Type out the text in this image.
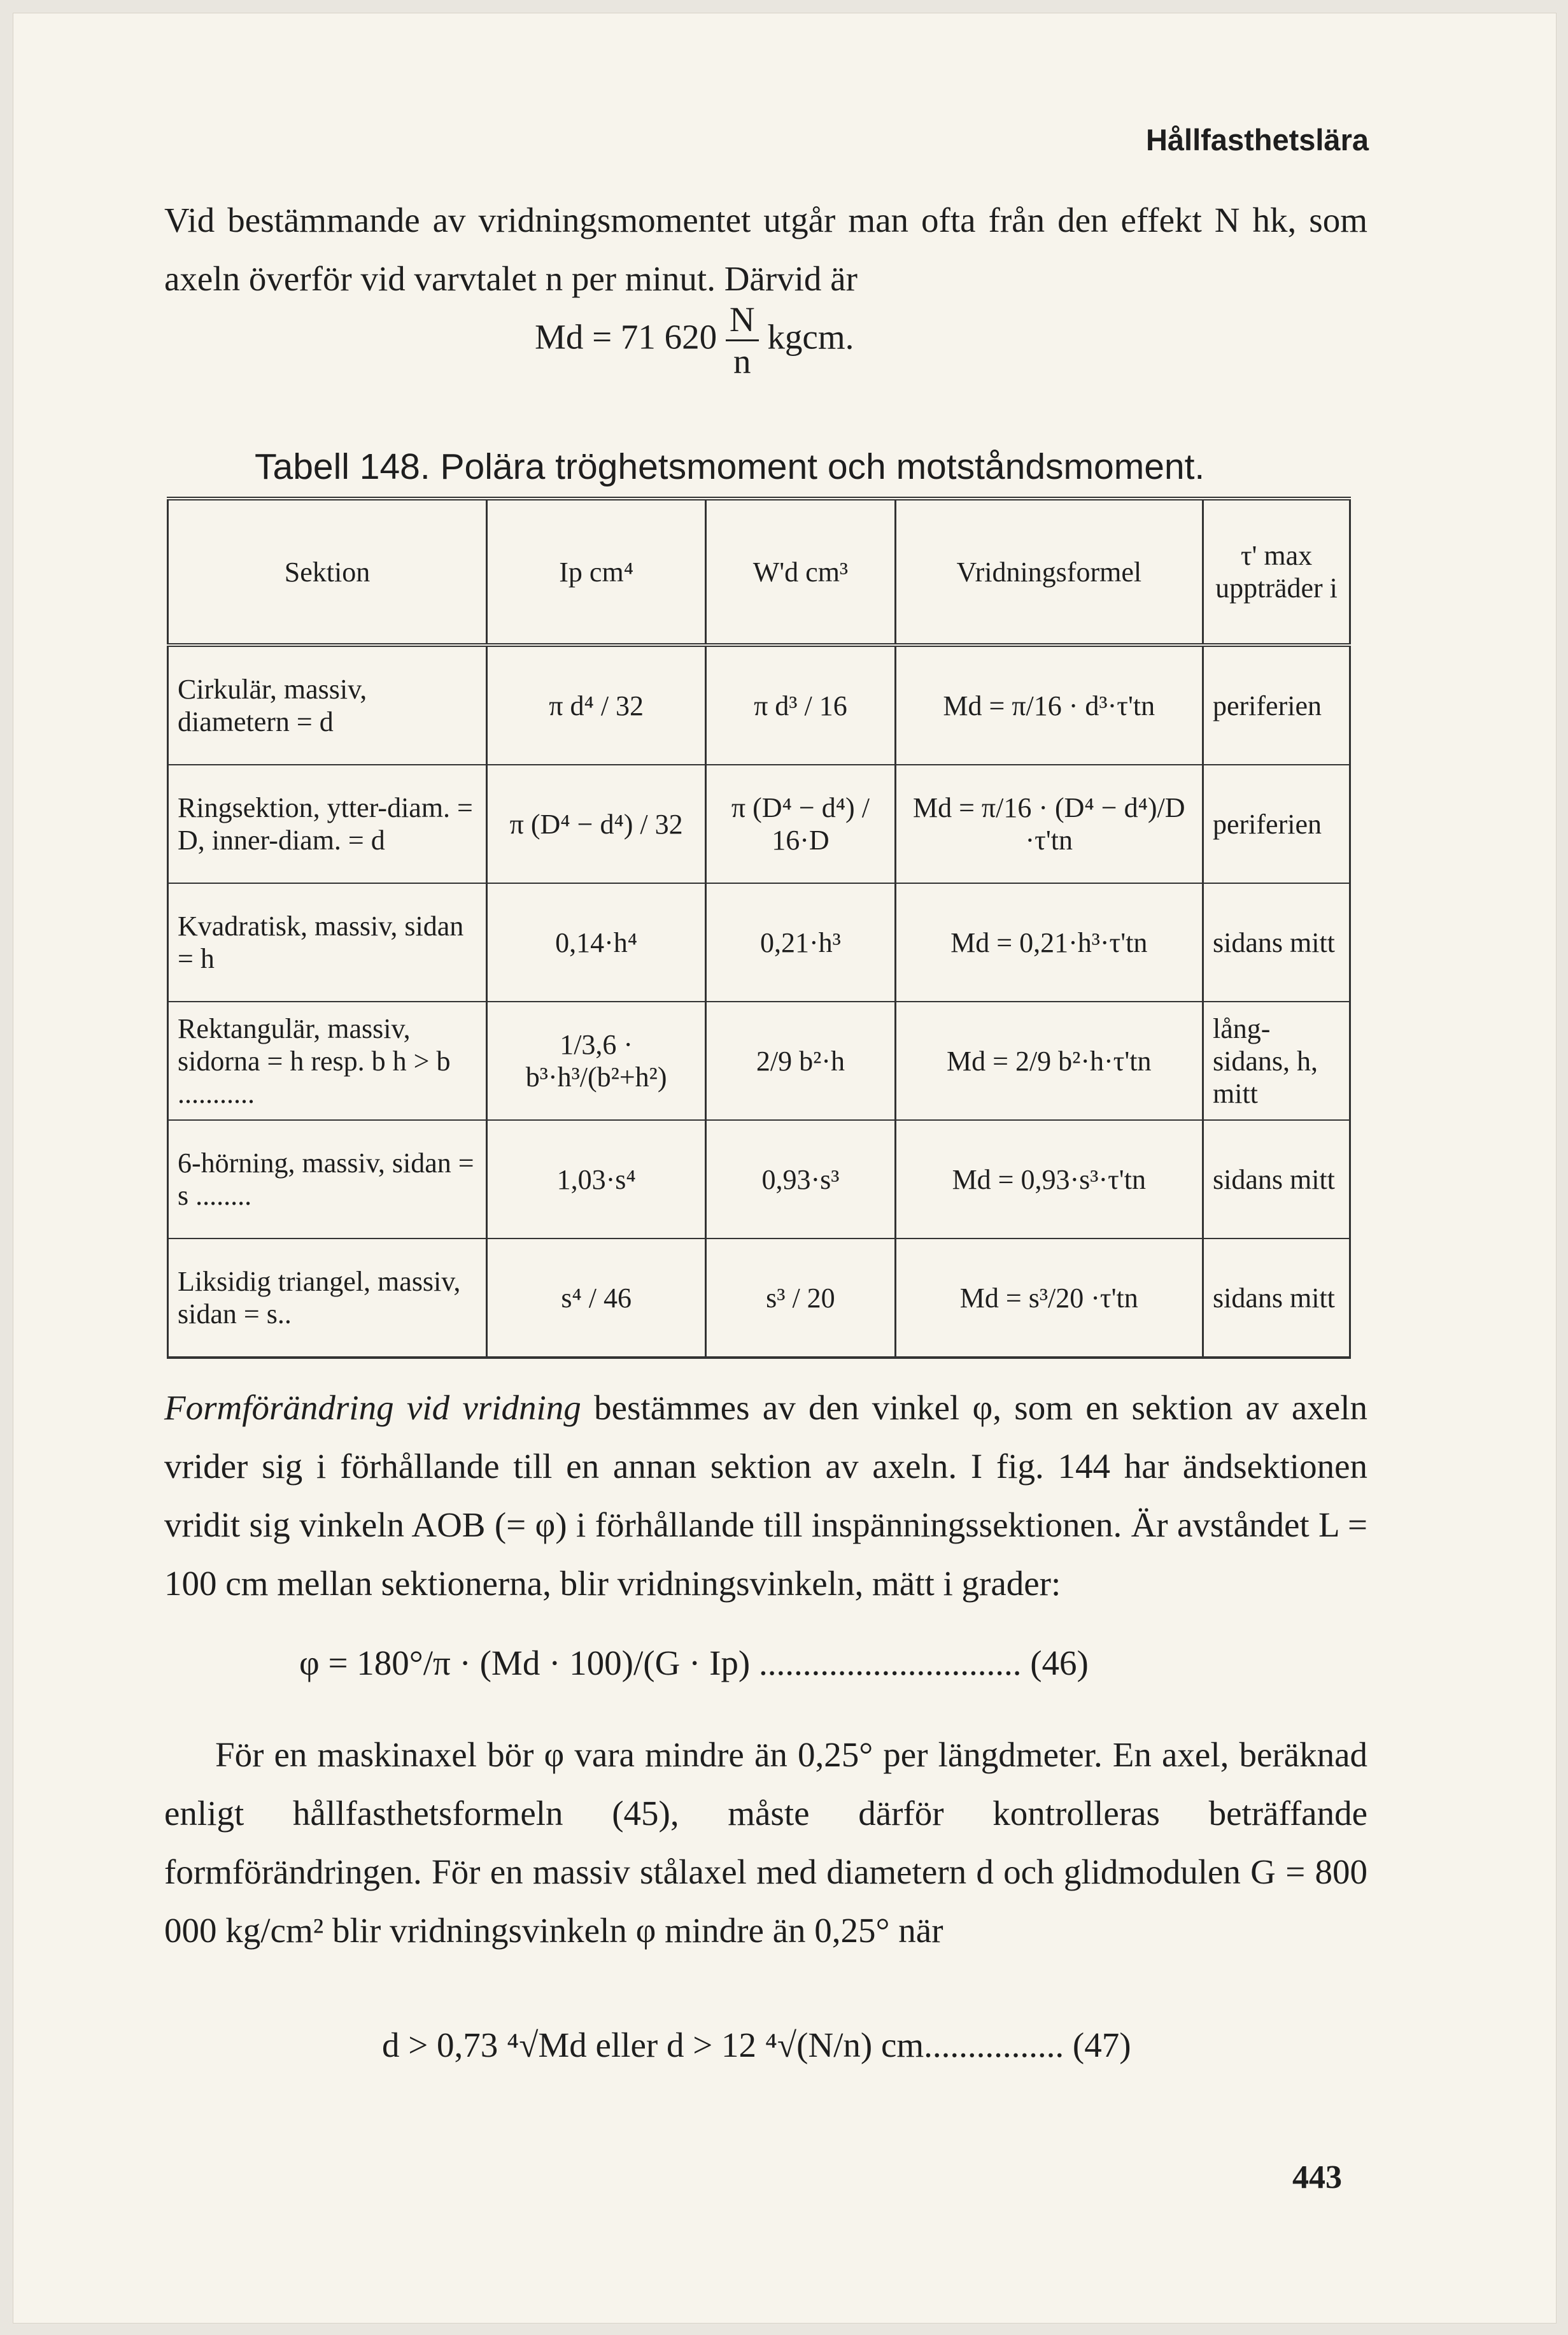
Hållfasthetslära
Vid bestämmande av vridningsmomentet utgår man ofta från den effekt N hk, som axeln överför vid varvtalet n per minut. Därvid är
Md = 71 $620 \frac{N}{n}$ kgcm.
Tabell 148. Polära tröghetsmoment och motståndsmoment.
Sektion	Ip cm⁴	W'd cm³	Vridningsformel	τ' max uppträder i
Cirkulär, massiv, diametern = d	π d⁴ / 32	π d³ / 16	Md = π/16 · d³·τ'tn	periferien
Ringsektion, ytter-diam. = D, inner-diam. = d	π (D⁴ − d⁴) / 32	π (D⁴ − d⁴) / 16·D	Md = π/16 · (D⁴ − d⁴)/D ·τ'tn	periferien
Kvadratisk, massiv, sidan = h	0,14·h⁴	0,21·h³	Md = 0,21·h³·τ'tn	sidans mitt
Rektangulär, massiv, sidorna = h resp. b h > b ...........	1/3,6 · b³·h³/(b²+h²)	2/9 b²·h	Md = 2/9 b²·h·τ'tn	lång-sidans, h, mitt
6-hörning, massiv, sidan = s ........	1,03·s⁴	0,93·s³	Md = 0,93·s³·τ'tn	sidans mitt
Liksidig triangel, massiv, sidan = s..	s⁴ / 46	s³ / 20	Md = s³/20 ·τ'tn	sidans mitt
Formförändring vid vridning bestämmes av den vinkel φ, som en sektion av axeln vrider sig i förhållande till en annan sektion av axeln. I fig. 144 har ändsektionen vridit sig vinkeln AOB (= φ) i förhållande till inspänningssektionen. Är avståndet L = 100 cm mellan sektionerna, blir vridningsvinkeln, mätt i grader:
φ = 180°/π · (Md · 100)/(G · Ip) .............................. (46)
För en maskinaxel bör φ vara mindre än 0,25° per längdmeter. En axel, beräknad enligt hållfasthetsformeln (45), måste därför kontrolleras beträffande formförändringen. För en massiv stålaxel med diametern d och glidmodulen G = 800 000 kg/cm² blir vridningsvinkeln φ mindre än 0,25° när
d > 0,73 ⁴√Md eller d > 12 ⁴√(N/n) cm................ (47)
443
